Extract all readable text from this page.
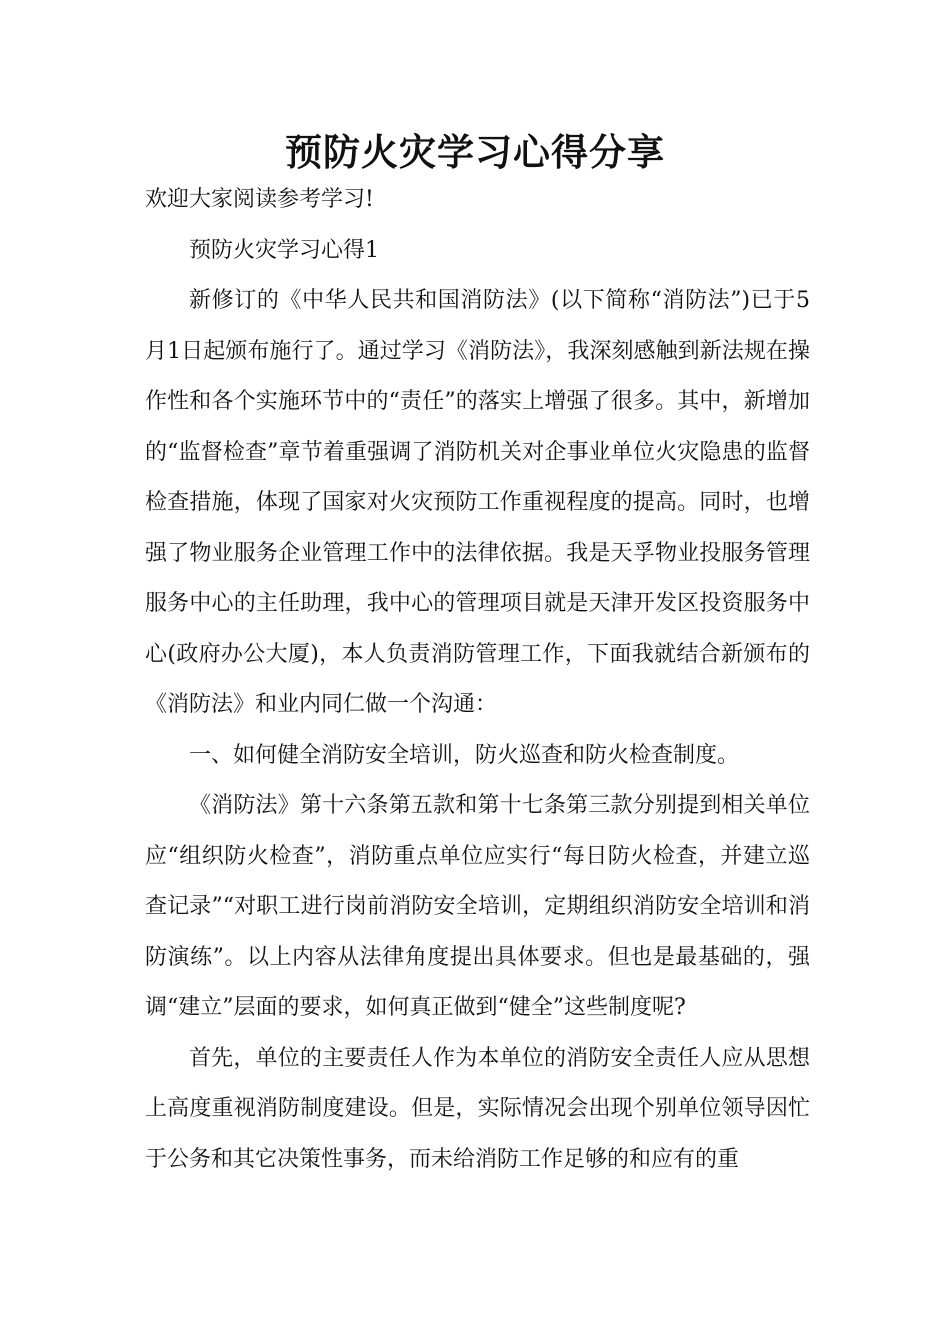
预防火灾学习心得分享

欢迎大家阅读参考学习!

预防火灾学习心得1

新修订的《中华人民共和国消防法》(以下简称“消防法”)已于5月1日起颁布施行了。通过学习《消防法》，我深刻感触到新法规在操作性和各个实施环节中的“责任”的落实上增强了很多。其中，新增加的“监督检查”章节着重强调了消防机关对企事业单位火灾隐患的监督检查措施，体现了国家对火灾预防工作重视程度的提高。同时，也增强了物业服务企业管理工作中的法律依据。我是天孚物业投服务管理服务中心的主任助理，我中心的管理项目就是天津开发区投资服务中心(政府办公大厦)，本人负责消防管理工作，下面我就结合新颁布的《消防法》和业内同仁做一个沟通：

一、如何健全消防安全培训，防火巡查和防火检查制度。

《消防法》第十六条第五款和第十七条第三款分别提到相关单位应“组织防火检查”，消防重点单位应实行“每日防火检查，并建立巡查记录”“对职工进行岗前消防安全培训，定期组织消防安全培训和消防演练”。以上内容从法律角度提出具体要求。但也是最基础的，强调“建立”层面的要求，如何真正做到“健全”这些制度呢?

首先，单位的主要责任人作为本单位的消防安全责任人应从思想上高度重视消防制度建设。但是，实际情况会出现个别单位领导因忙于公务和其它决策性事务，而未给消防工作足够的和应有的重
